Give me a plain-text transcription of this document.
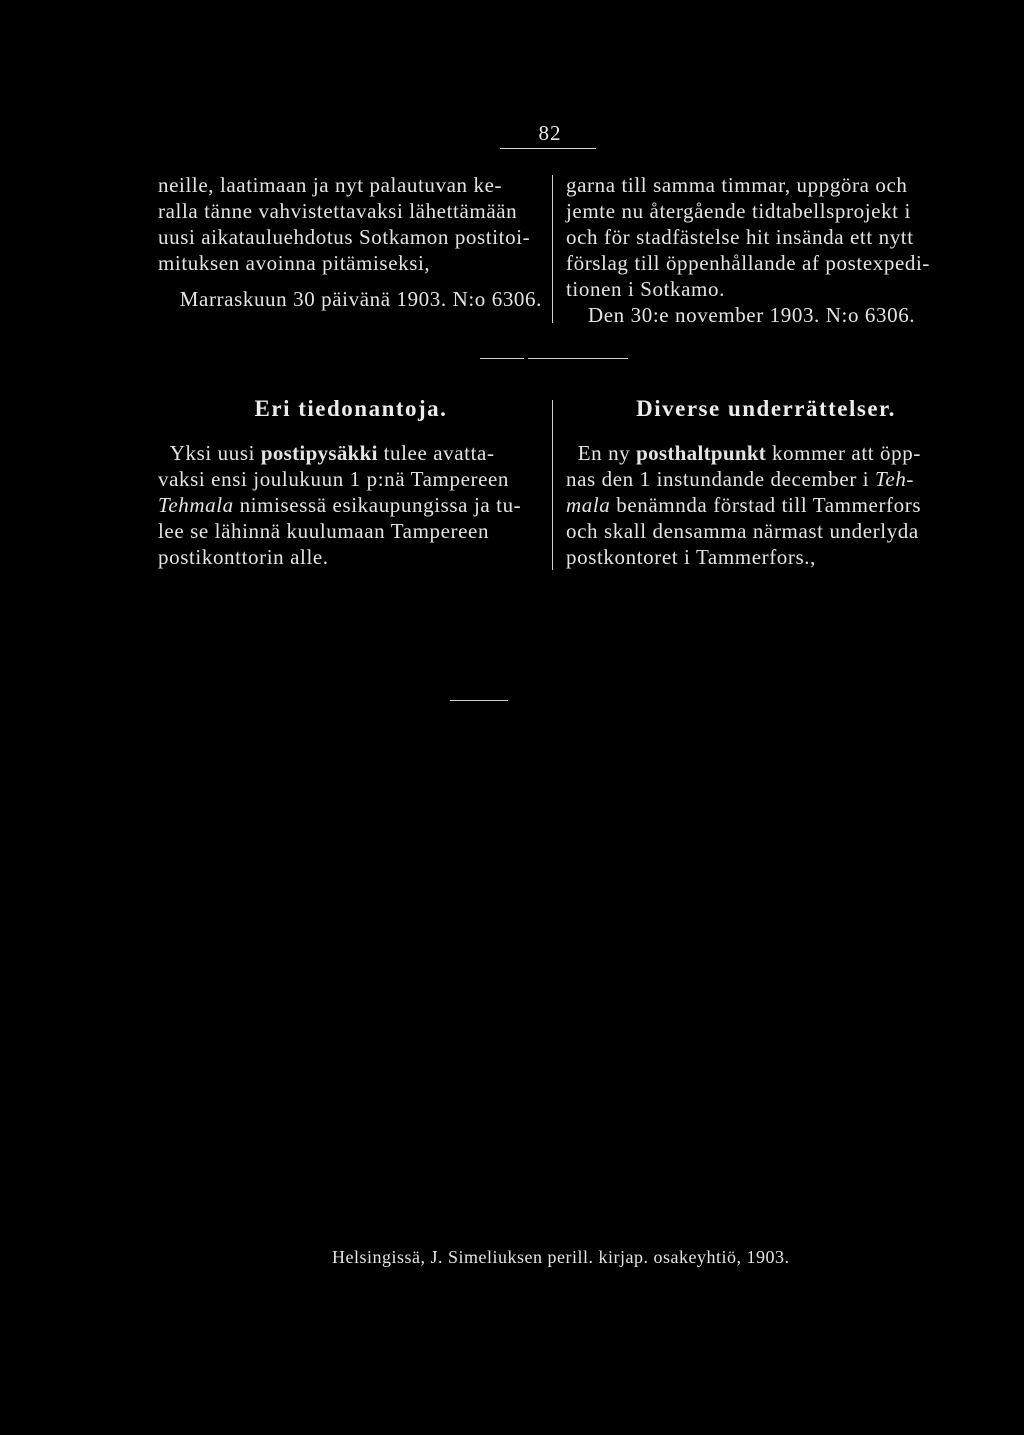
82

neille, laatimaan ja nyt palautuvan ke-

ralla tänne vahvistettavaksi lähettämään

uusi aikatauluehdotus Sotkamon postitoi-

mituksen avoinna pitämiseksi,

Marraskuun 30 päivänä 1903. N:o 6306.

garna till samma timmar, uppgöra och

jemte nu återgående tidtabellsprojekt i

och för stadfästelse hit insända ett nytt

förslag till öppenhållande af postexpedi-

tionen i Sotkamo.

Den 30:e november 1903. N:o 6306.

Eri tiedonantoja.	Diverse underrättelser.

Yksi uusi postipysäkki tulee avatta-

vaksi ensi joulukuun 1 p:nä Tampereen

Tehmala nimisessä esikaupungissa ja tu-

lee se lähinnä kuulumaan Tampereen

postikonttorin alle.

En ny posthaltpunkt kommer att öpp-

nas den 1 instundande december i Teh-

mala benämnda förstad till Tammerfors

och skall densamma närmast underlyda

postkontoret i Tammerfors.,

Helsingissä, J. Simeliuksen perill. kirjap. osakeyhtiö, 1903.
